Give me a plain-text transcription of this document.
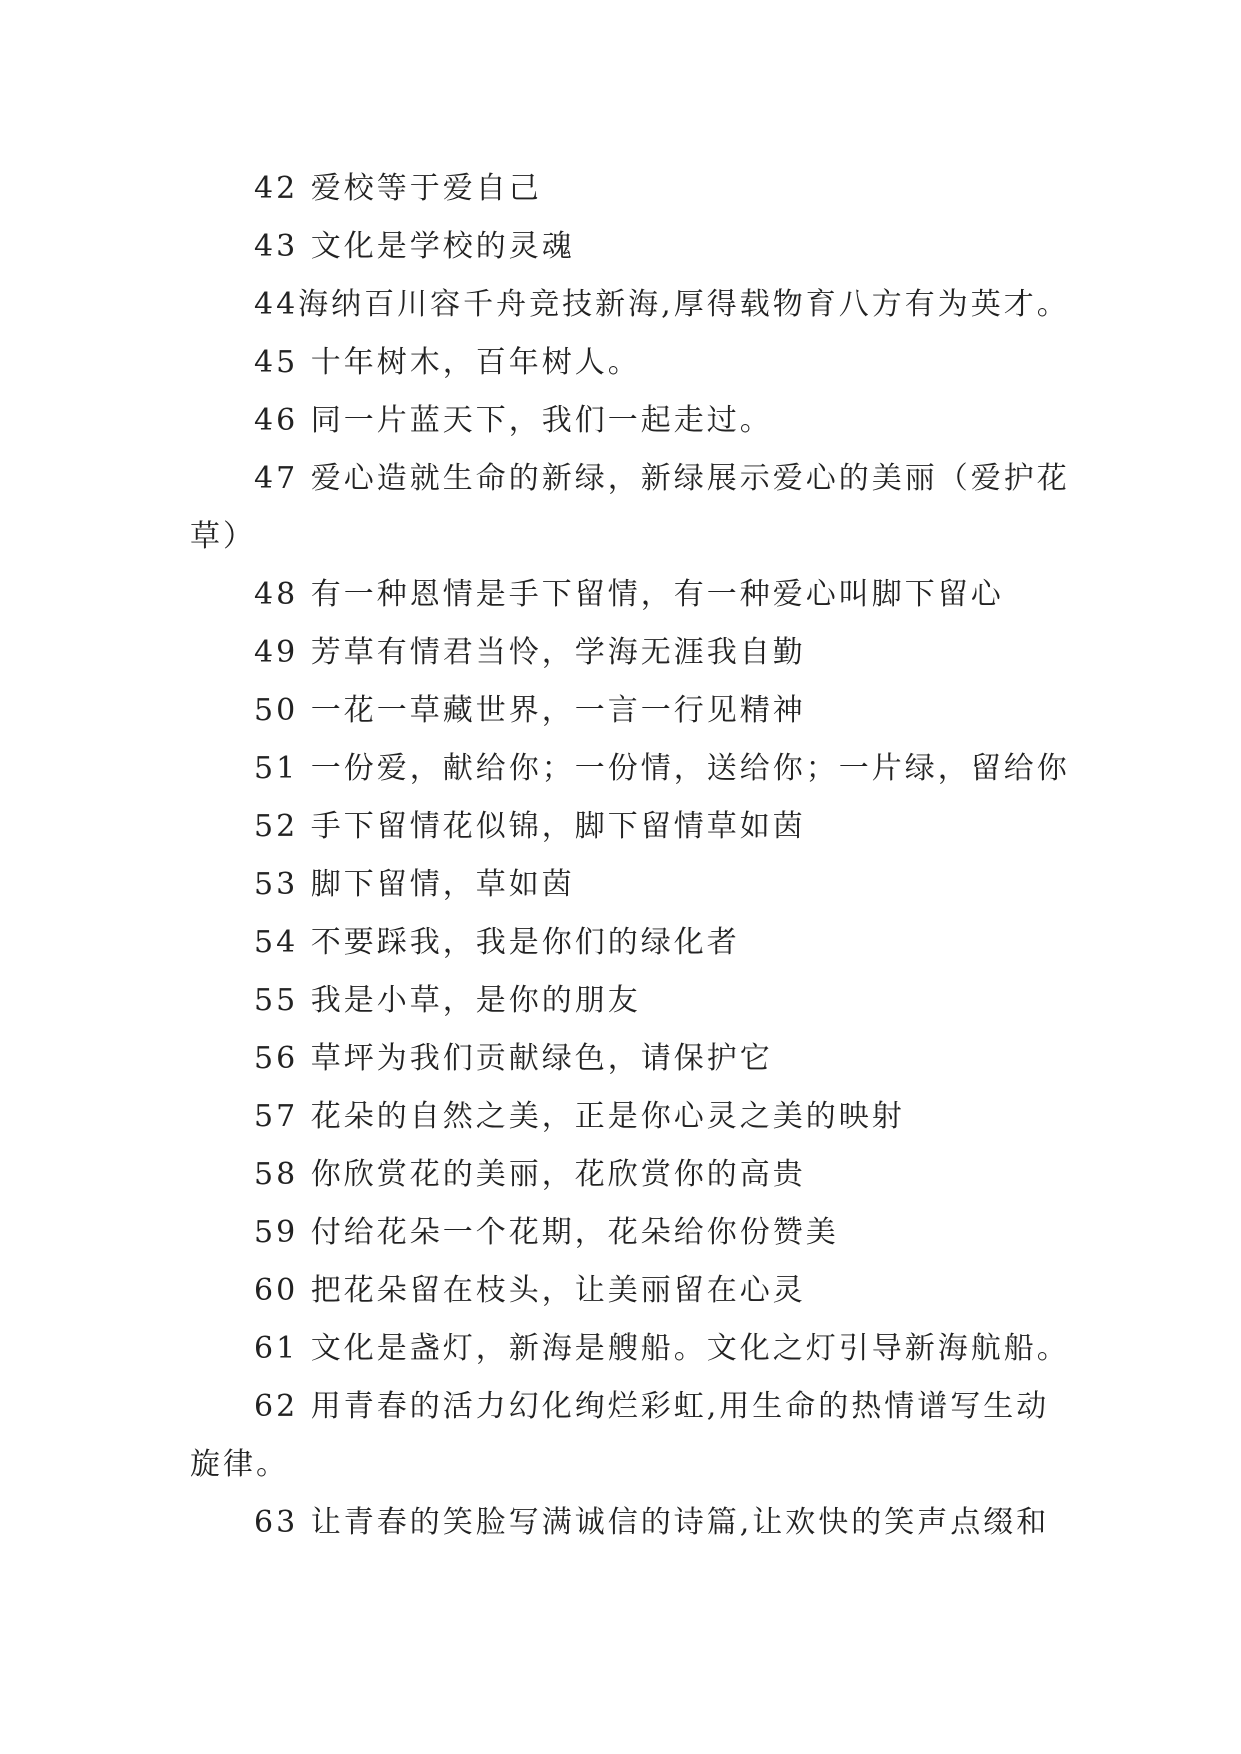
42 爱校等于爱自己
43 文化是学校的灵魂
44海纳百川容千舟竞技新海,厚得载物育八方有为英才。
45 十年树木，百年树人。
46 同一片蓝天下，我们一起走过。
47 爱心造就生命的新绿，新绿展示爱心的美丽（爱护花
草）
48 有一种恩情是手下留情，有一种爱心叫脚下留心
49 芳草有情君当怜，学海无涯我自勤
50 一花一草藏世界，一言一行见精神
51 一份爱，献给你；一份情，送给你；一片绿，留给你
52 手下留情花似锦，脚下留情草如茵
53 脚下留情，草如茵
54 不要踩我，我是你们的绿化者
55 我是小草，是你的朋友
56 草坪为我们贡献绿色，请保护它
57 花朵的自然之美，正是你心灵之美的映射
58 你欣赏花的美丽，花欣赏你的高贵
59 付给花朵一个花期，花朵给你份赞美
60 把花朵留在枝头，让美丽留在心灵
61 文化是盏灯，新海是艘船。文化之灯引导新海航船。
62 用青春的活力幻化绚烂彩虹,用生命的热情谱写生动
旋律。
63 让青春的笑脸写满诚信的诗篇,让欢快的笑声点缀和
